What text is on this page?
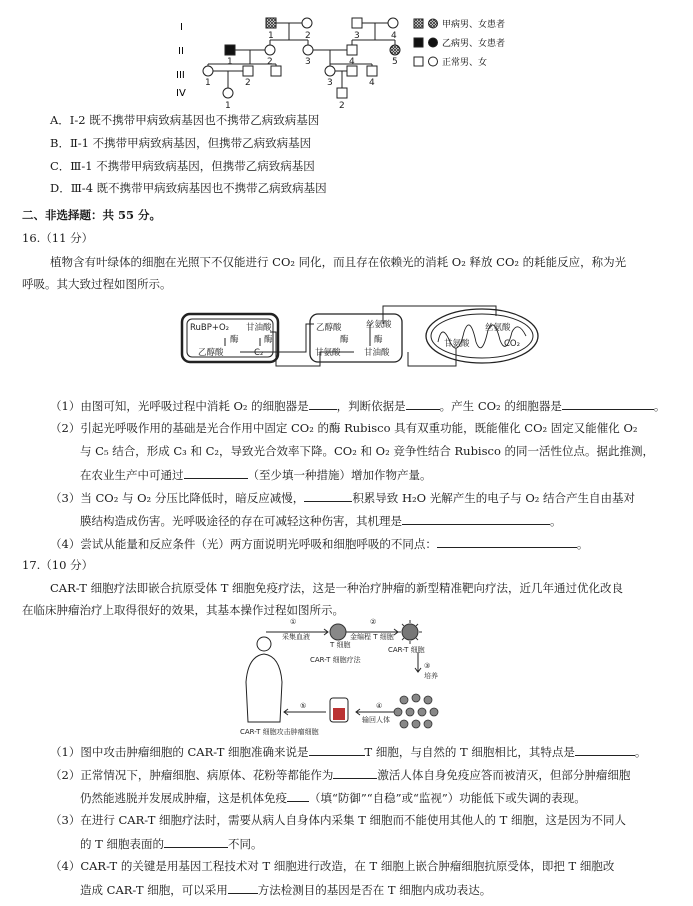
I
II
III
IV
1	2	3	4
1	2	3	4	5
1	2	3	4
1	2
甲病男、女患者
乙病男、女患者
正常男、女
A．Ⅰ-2 既不携带甲病致病基因也不携带乙病致病基因
B．Ⅱ-1 不携带甲病致病基因，但携带乙病致病基因
C．Ⅲ-1 不携带甲病致病基因，但携带乙病致病基因
D．Ⅲ-4 既不携带甲病致病基因也不携带乙病致病基因
二、非选择题：共 55 分。
16.（11 分）
植物含有叶绿体的细胞在光照下不仅能进行 CO₂ 同化，而且存在依赖光的消耗 O₂ 释放 CO₂ 的耗能反应，称为光
呼吸。其大致过程如图所示。
RuBP+O₂ 甘油酸
酶	酶
乙醇酸	C₂
乙醇酸	丝氨酸
酶	酶
甘氨酸	甘油酸
丝氨酸
甘氨酸	CO₂
（1）由图可知，光呼吸过程中消耗 O₂ 的细胞器是 ，判断依据是	。产生 CO₂ 的细胞器是	。
（2）引起光呼吸作用的基础是光合作用中固定 CO₂ 的酶 Rubisco 具有双重功能，既能催化 CO₂ 固定又能催化 O₂
与 C₅ 结合，形成 C₃ 和 C₂，导致光合效率下降。CO₂ 和 O₂ 竞争性结合 Rubisco 的同一活性位点。据此推测，
在农业生产中可通过	（至少填一种措施）增加作物产量。
（3）当 CO₂ 与 O₂ 分压比降低时，暗反应减慢，	积累导致 H₂O 光解产生的电子与 O₂ 结合产生自由基对
膜结构造成伤害。光呼吸途径的存在可减轻这种伤害，其机理是	。
（4）尝试从能量和反应条件（光）两方面说明光呼吸和细胞呼吸的不同点：	。
17.（10 分）
CAR-T 细胞疗法即嵌合抗原受体 T 细胞免疫疗法，这是一种治疗肿瘤的新型精准靶向疗法，近几年通过优化改良
在临床肿瘤治疗上取得很好的效果，其基本操作过程如图所示。
①
采集血液
②
金编程 T 细胞
T 细胞
CAR-T 细胞
CAR-T 细胞疗法
③
培养
④
输回人体
⑤
CAR-T 细胞攻击肿瘤细胞
（1）图中攻击肿瘤细胞的 CAR-T 细胞准确来说是	T 细胞，与自然的 T 细胞相比，其特点是	。
（2）正常情况下，肿瘤细胞、病原体、花粉等都能作为	激活人体自身免疫应答而被清灭，但部分肿瘤细胞
仍然能逃脱并发展成肿瘤，这是机体免疫 （填“防御”“自稳”或“监视”）功能低下或失调的表现。
（3）在进行 CAR-T 细胞疗法时，需要从病人自身体内采集 T 细胞而不能使用其他人的 T 细胞，这是因为不同人
的 T 细胞表面的	不同。
（4）CAR-T 的关键是用基因工程技术对 T 细胞进行改造，在 T 细胞上嵌合肿瘤细胞抗原受体，即把 T 细胞改
造成 CAR-T 细胞，可以采用	方法检测目的基因是否在 T 细胞内成功表达。
